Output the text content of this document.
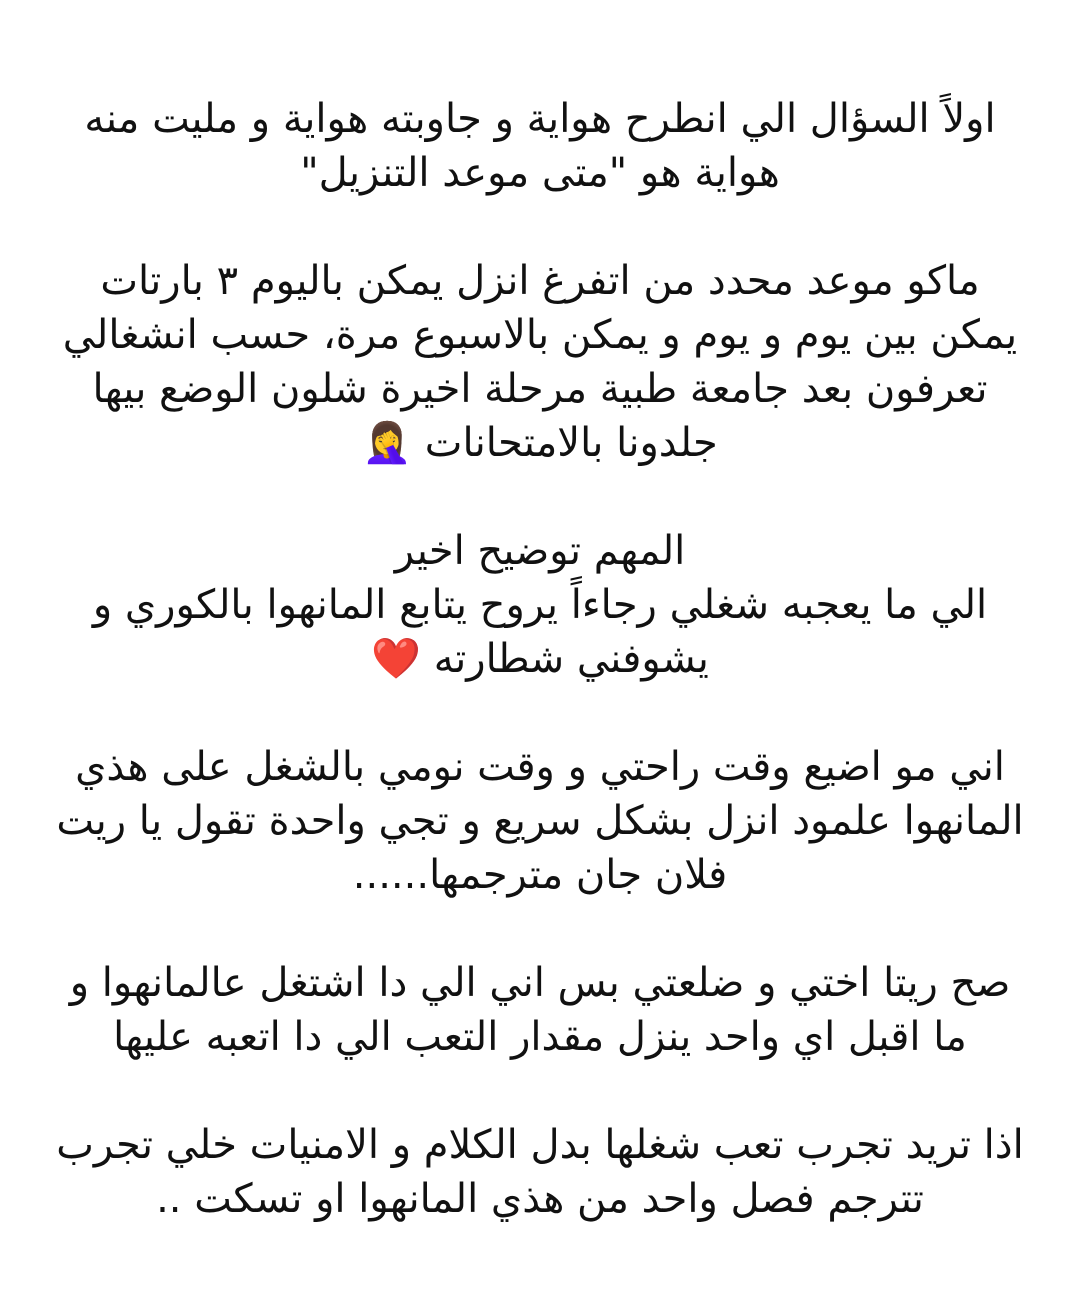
اولاً السؤال الي انطرح هواية و جاوبته هواية و مليت منه
هواية هو "متى موعد التنزيل"
ماكو موعد محدد من اتفرغ انزل يمكن باليوم ٣ بارتات
يمكن بين يوم و يوم و يمكن بالاسبوع مرة، حسب انشغالي
تعرفون بعد جامعة طبية مرحلة اخيرة شلون الوضع بيها
جلدونا بالامتحانات 🤦‍♀️
المهم توضيح اخير
الي ما يعجبه شغلي رجاءاً يروح يتابع المانهوا بالكوري و
يشوفني شطارته ❤️
اني مو اضيع وقت راحتي و وقت نومي بالشغل على هذي
المانهوا علمود انزل بشكل سريع و تجي واحدة تقول يا ريت
فلان جان مترجمها......
صح ريتا اختي و ضلعتي بس اني الي دا اشتغل عالمانهوا و
ما اقبل اي واحد ينزل مقدار التعب الي دا اتعبه عليها
اذا تريد تجرب تعب شغلها بدل الكلام و الامنيات خلي تجرب
تترجم فصل واحد من هذي المانهوا او تسكت ..
